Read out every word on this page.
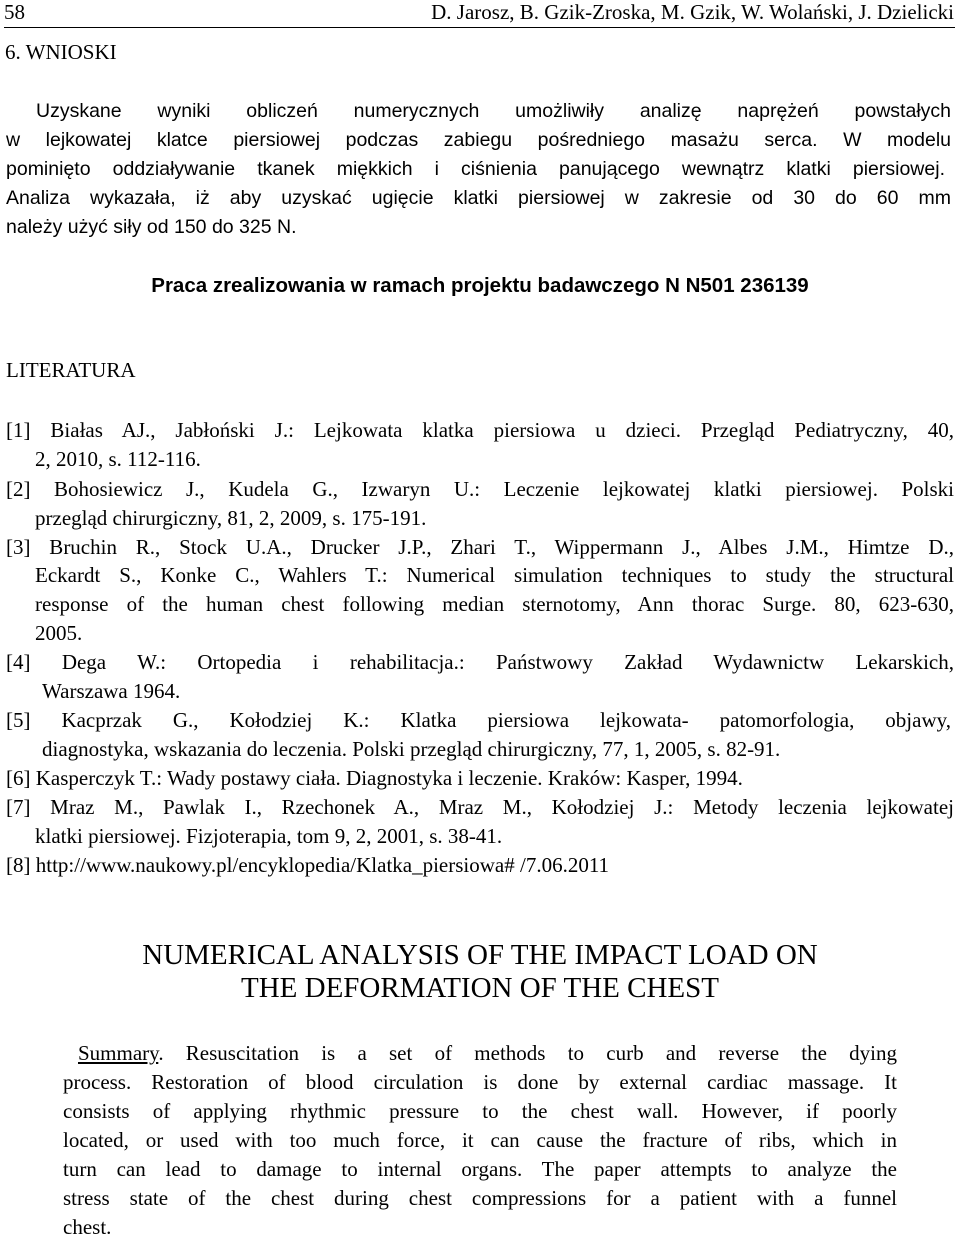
58	D. Jarosz, B. Gzik-Zroska, M. Gzik, W. Wolański, J. Dzielicki
6. WNIOSKI
Uzyskane wyniki obliczeń numerycznych umożliwiły analizę naprężeń powstałych
w lejkowatej klatce piersiowej podczas zabiegu pośredniego masażu serca. W modelu
pominięto oddziaływanie tkanek miękkich i ciśnienia panującego wewnątrz klatki piersiowej.
Analiza wykazała, iż aby uzyskać ugięcie klatki piersiowej w zakresie od 30 do 60 mm
należy użyć siły od 150 do 325 N.
Praca zrealizowania w ramach projektu badawczego N N501 236139
LITERATURA
[1] Białas AJ., Jabłoński J.: Lejkowata klatka piersiowa u dzieci. Przegląd Pediatryczny, 40,
2, 2010, s. 112-116.
[2] Bohosiewicz J., Kudela G., Izwaryn U.: Leczenie lejkowatej klatki piersiowej. Polski
przegląd chirurgiczny, 81, 2, 2009, s. 175-191.
[3] Bruchin R., Stock U.A., Drucker J.P., Zhari T., Wippermann J., Albes J.M., Himtze D.,
Eckardt S., Konke C., Wahlers T.: Numerical simulation techniques to study the structural
response of the human chest following median sternotomy, Ann thorac Surge. 80, 623-630,
2005.
[4] Dega W.: Ortopedia i rehabilitacja.: Państwowy Zakład Wydawnictw Lekarskich,
Warszawa 1964.
[5] Kacprzak G., Kołodziej K.: Klatka piersiowa lejkowata- patomorfologia, objawy,
diagnostyka, wskazania do leczenia. Polski przegląd chirurgiczny, 77, 1, 2005, s. 82-91.
[6] Kasperczyk T.: Wady postawy ciała. Diagnostyka i leczenie. Kraków: Kasper, 1994.
[7] Mraz M., Pawlak I., Rzechonek A., Mraz M., Kołodziej J.: Metody leczenia lejkowatej
klatki piersiowej. Fizjoterapia, tom 9, 2, 2001, s. 38-41.
[8] http://www.naukowy.pl/encyklopedia/Klatka_piersiowa# /7.06.2011
NUMERICAL ANALYSIS OF THE IMPACT LOAD ON
THE DEFORMATION OF THE CHEST
Summary. Resuscitation is a set of methods to curb and reverse the dying
process. Restoration of blood circulation is done by external cardiac massage. It
consists of applying rhythmic pressure to the chest wall. However, if poorly
located, or used with too much force, it can cause the fracture of ribs, which in
turn can lead to damage to internal organs. The paper attempts to analyze the
stress state of the chest during chest compressions for a patient with a funnel
chest.
